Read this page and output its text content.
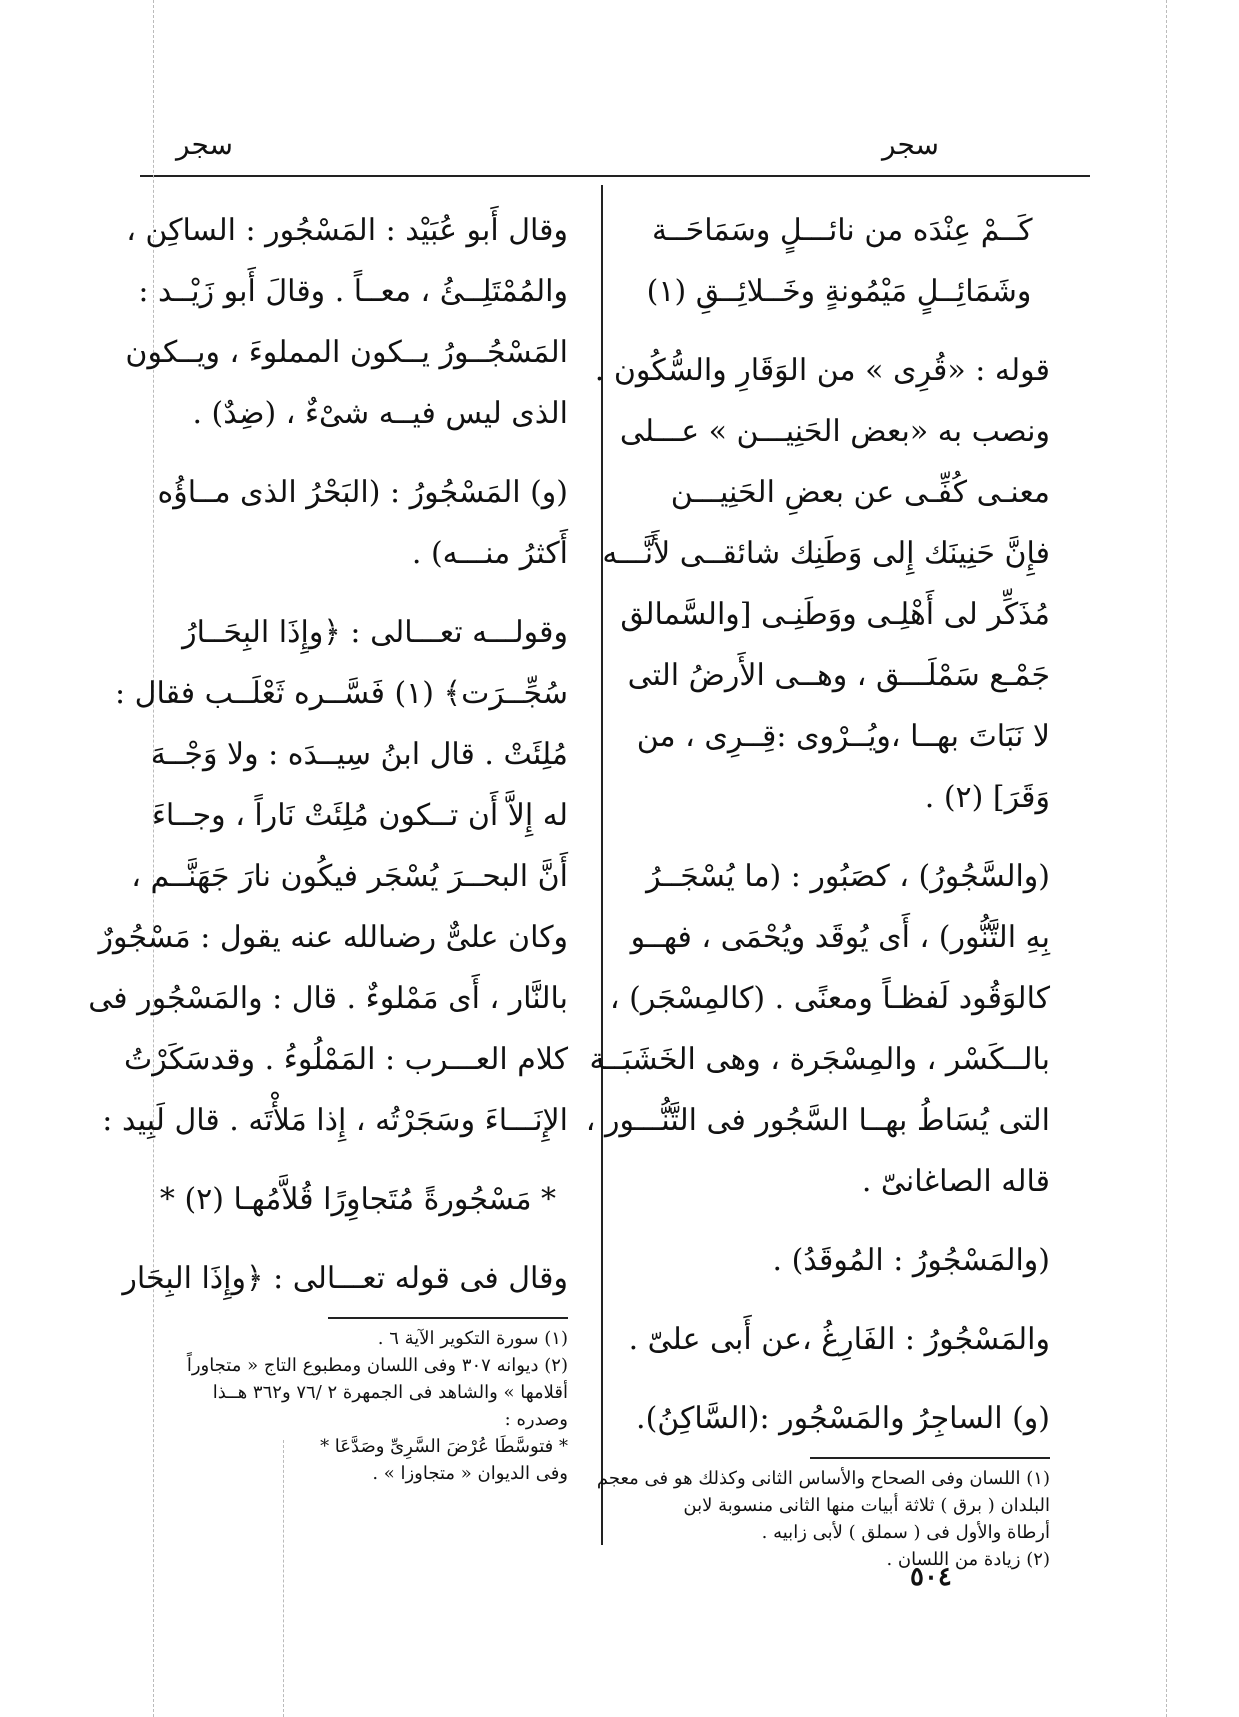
سجر
سجر
كَــمْ عِنْدَه من نائـــلٍ وسَمَاحَــة
وشَمَائِــلٍ مَيْمُونةٍ وخَــلائِــقِ (١)
قوله : «قُرِى » من الوَقَارِ والسُّكُون .
ونصب به «بعض الحَنِيـــن » عـــلى
معنـى كُفِّـى عن بعضِ الحَنِيـــن
فإِنَّ حَنِينَك إِلى وَطَنِك شائقــى لأَنَّـــه
مُذَكِّر لى أَهْلِـى ووَطَنِـى [والسَّمالق
جَمْـع سَمْلَـــق ، وهــى الأَرضُ التى
لا نَبَاتَ بهــا ،ويُــرْوى :قِــرِى ، من
وَقَرَ] (٢) .
(والسَّجُورُ) ، كصَبُور : (ما يُسْجَــرُ
بِهِ التَّنُّور) ، أَى يُوقَد ويُحْمَى ، فهــو
كالوَقُود لَفظـاً ومعنًى . (كالمِسْجَر) ،
بالــكَسْر ، والمِسْجَرة ، وهى الخَشَبَــة
التى يُسَاطُ بهــا السَّجُور فى التَّنُّـــور ،
قاله الصاغانىّ .
(والمَسْجُورُ : المُوقَدُ) .
والمَسْجُورُ : الفَارِغُ ،عن أَبى علىّ .
(و) الساجِرُ والمَسْجُور :(السَّاكِنُ).
(١) اللسان وفى الصحاح والأساس الثانى وكذلك هو فى معجم
البلدان ( برق ) ثلاثة أبيات منها الثانى منسوبة لابن
أرطاة والأول فى ( سملق ) لأبى زابيه .
(٢) زيادة من اللسان .
وقال أَبو عُبَيْد : المَسْجُور : الساكِن ،
والمُمْتَلِــئُ ، معــاً . وقالَ أَبو زَيْــد :
المَسْجُــورُ يــكون المملوءَ ، ويــكون
الذى ليس فيــه شىْءٌ ، (ضِدٌ) .
(و) المَسْجُورُ : (البَحْرُ الذى مــاؤُه
أَكثرُ منـــه) .
وقولـــه تعـــالى : ﴿وإِذَا البِحَــارُ
سُجِّــرَت﴾ (١) فَسَّــره ثَعْلَــب فقال :
مُلِئَتْ . قال ابنُ سِيــدَه : ولا وَجْــهَ
له إِلاَّ أَن تــكون مُلِئَتْ نَاراً ، وجــاءَ
أَنَّ البحــرَ يُسْجَر فيكُون نارَ جَهَنَّــم ،
وكان علىٌّ رضىالله عنه يقول : مَسْجُورٌ
بالنَّار ، أَى مَمْلوءٌ . قال : والمَسْجُور فى
كلام العـــرب : المَمْلُوءُ . وقدسَكَرْتُ
الإِنَـــاءَ وسَجَرْتُه ، إِذا مَلأْتَه . قال لَبِيد :
* مَسْجُورةً مُتَجاوِرًا قُلاَّمُهـا (٢) *
وقال فى قوله تعـــالى : ﴿وإِذَا البِحَار
(١) سورة التكوير الآية ٦ .
(٢) ديوانه ٣٠٧ وفى اللسان ومطبوع التاج « متجاوراً
أقلامها » والشاهد فى الجمهرة ٢ /٧٦ و٣٦٢ هــذا
وصدره :
* فتوسَّطَا عُرْضَ السَّرِىِّ وصَدَّعَا *
وفى الديوان « متجاوزا » .
٥٠٤
